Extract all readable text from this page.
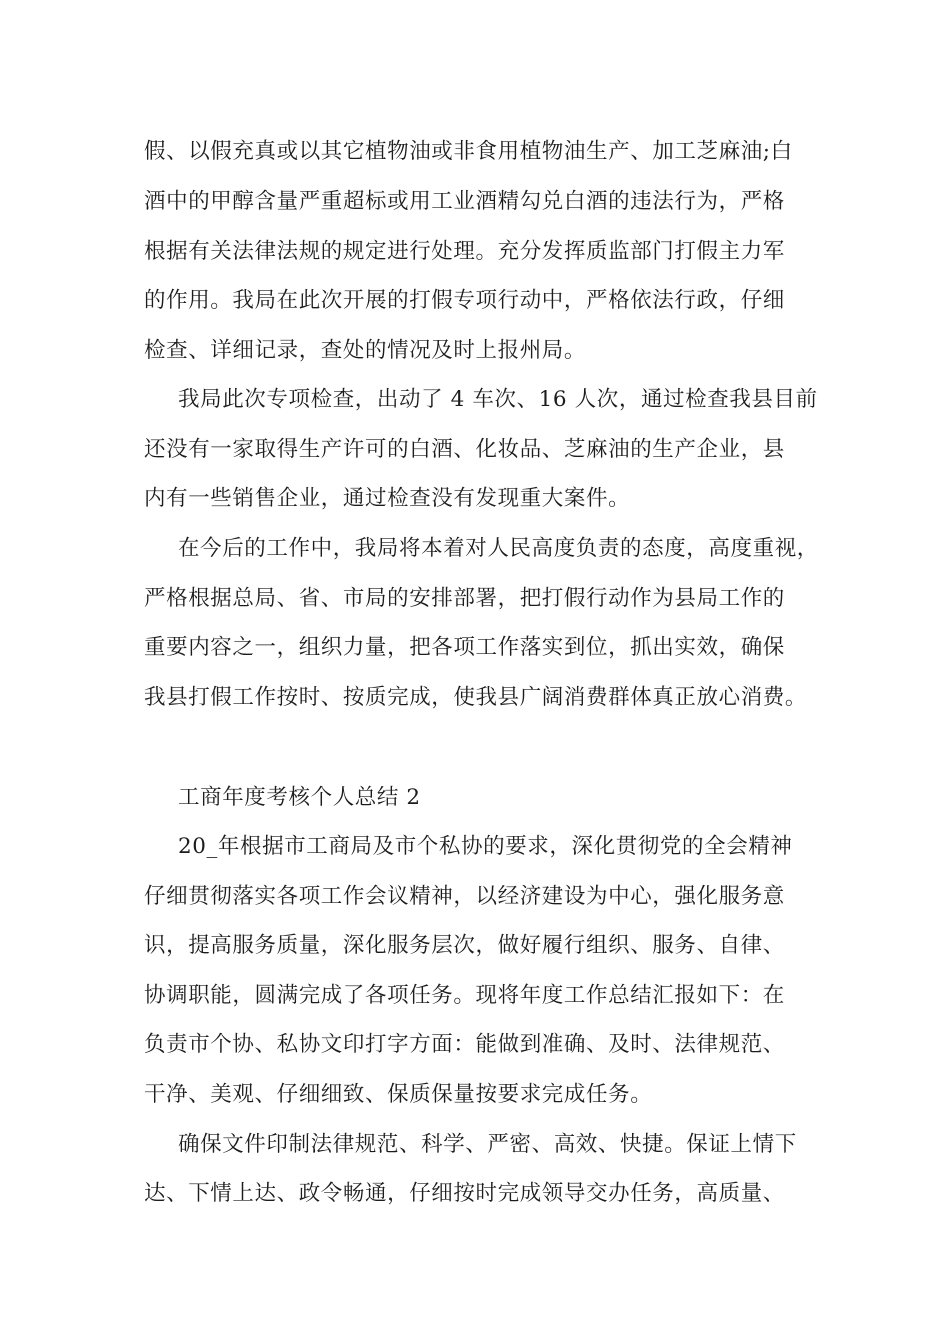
假、以假充真或以其它植物油或非食用植物油生产、加工芝麻油;白
酒中的甲醇含量严重超标或用工业酒精勾兑白酒的违法行为，严格
根据有关法律法规的规定进行处理。充分发挥质监部门打假主力军
的作用。我局在此次开展的打假专项行动中，严格依法行政，仔细
检查、详细记录，查处的情况及时上报州局。
我局此次专项检查，出动了 4 车次、16 人次，通过检查我县目前
还没有一家取得生产许可的白酒、化妆品、芝麻油的生产企业，县
内有一些销售企业，通过检查没有发现重大案件。
在今后的工作中，我局将本着对人民高度负责的态度，高度重视，
严格根据总局、省、市局的安排部署，把打假行动作为县局工作的
重要内容之一，组织力量，把各项工作落实到位，抓出实效，确保
我县打假工作按时、按质完成，使我县广阔消费群体真正放心消费。
工商年度考核个人总结 2
20_年根据市工商局及市个私协的要求，深化贯彻党的全会精神
仔细贯彻落实各项工作会议精神，以经济建设为中心，强化服务意
识，提高服务质量，深化服务层次，做好履行组织、服务、自律、
协调职能，圆满完成了各项任务。现将年度工作总结汇报如下：在
负责市个协、私协文印打字方面：能做到准确、及时、法律规范、
干净、美观、仔细细致、保质保量按要求完成任务。
确保文件印制法律规范、科学、严密、高效、快捷。保证上情下
达、下情上达、政令畅通，仔细按时完成领导交办任务，高质量、
